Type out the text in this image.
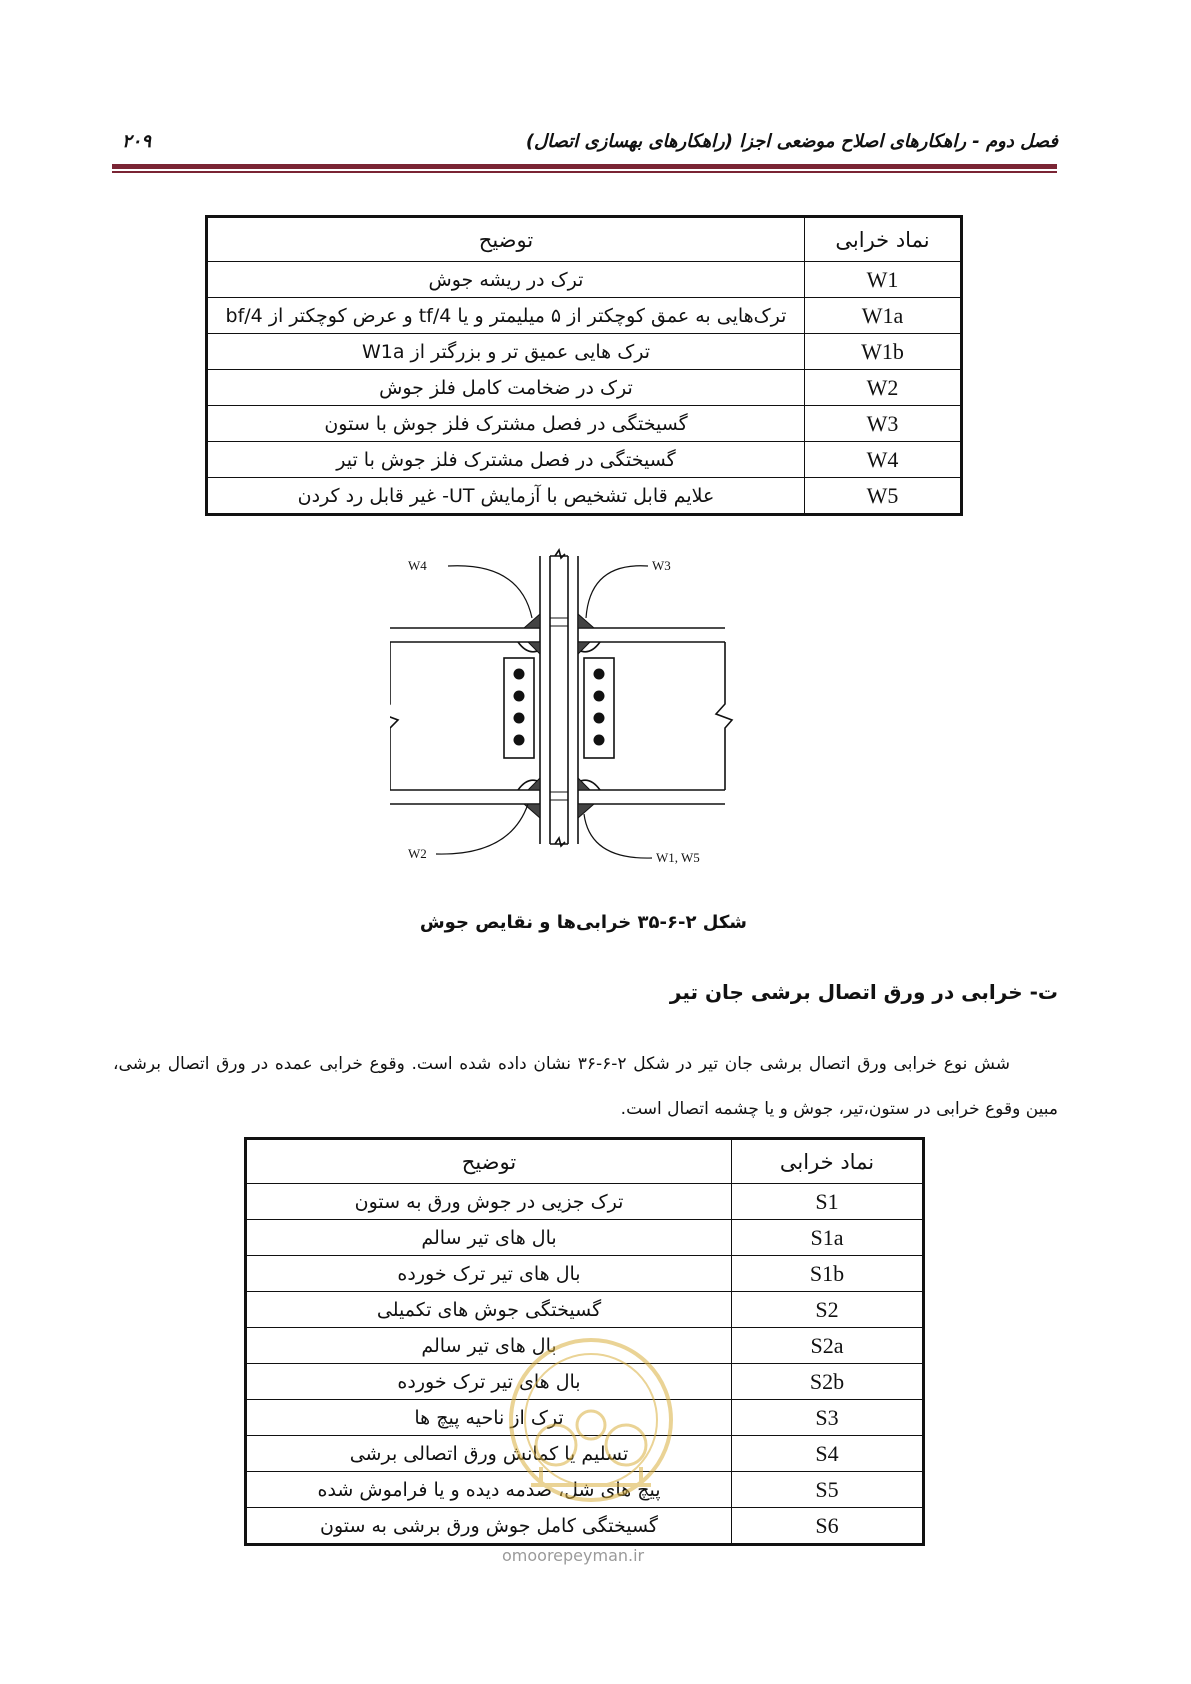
۲۰۹	فصل دوم - راهکارهای اصلاح موضعی اجزا (راهکارهای بهسازی اتصال)
نماد خرابی	توضیح
W1	ترک در ریشه جوش
W1a	ترک‌هایی به عمق کوچکتر از ۵ میلیمتر و یا tf/4 و عرض کوچکتر از bf/4
W1b	ترک هایی عمیق تر و بزرگتر از W1a
W2	ترک در ضخامت کامل فلز جوش
W3	گسیختگی در فصل مشترک فلز جوش با ستون
W4	گسیختگی در فصل مشترک فلز جوش با تیر
W5	علایم قابل تشخیص با آزمایش UT- غیر قابل رد کردن
W4	W3
W2	W1, W5
شکل ۲-۶-۳۵ خرابی‌ها و نقایص جوش
ت- خرابی در ورق اتصال برشی جان تیر

شش نوع خرابی ورق اتصال برشی جان تیر در شکل ۲-۶-۳۶ نشان داده شده است. وقوع خرابی عمده در ورق اتصال برشی، مبین وقوع خرابی در ستون،تیر، جوش و یا چشمه اتصال است.

نماد خرابی	توضیح
S1	ترک جزیی در جوش ورق به ستون
S1a	بال های تیر سالم
S1b	بال های تیر ترک خورده
S2	گسیختگی جوش های تکمیلی
S2a	بال های تیر سالم
S2b	بال های تیر ترک خورده
S3	ترک از ناحیه پیچ ها
S4	تسلیم یا کمانش ورق اتصالی برشی
S5	پیچ های شل، صدمه دیده و یا فراموش شده
S6	گسیختگی کامل جوش ورق برشی به ستون
omoorepeyman.ir
